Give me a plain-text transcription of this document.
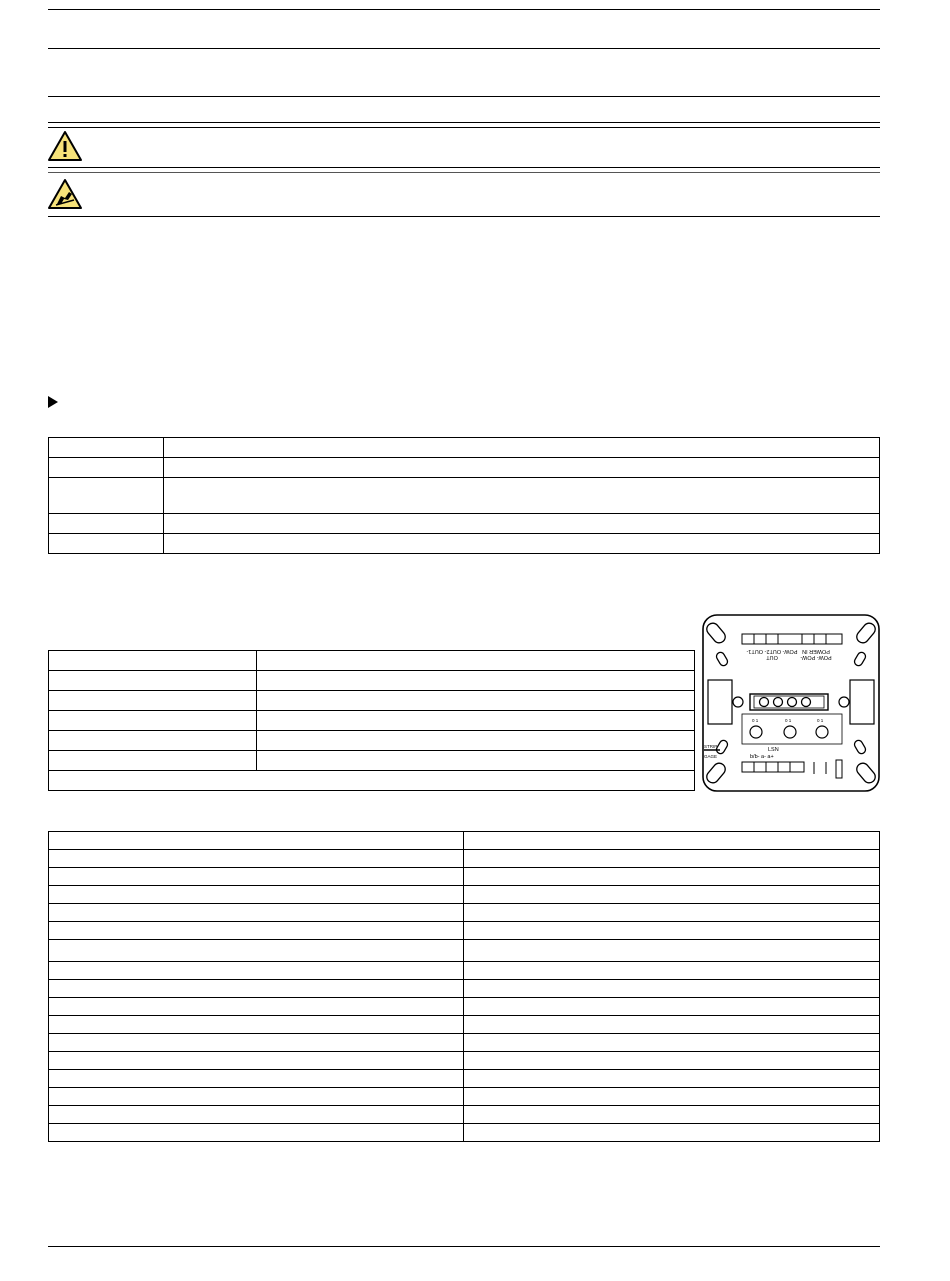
POW- OUT2- OUT1-
OUT
POWER IN
POW- POW-
0 1	0 1	0 1
LSN
b/b- a- a+
STRIP
GAGE
